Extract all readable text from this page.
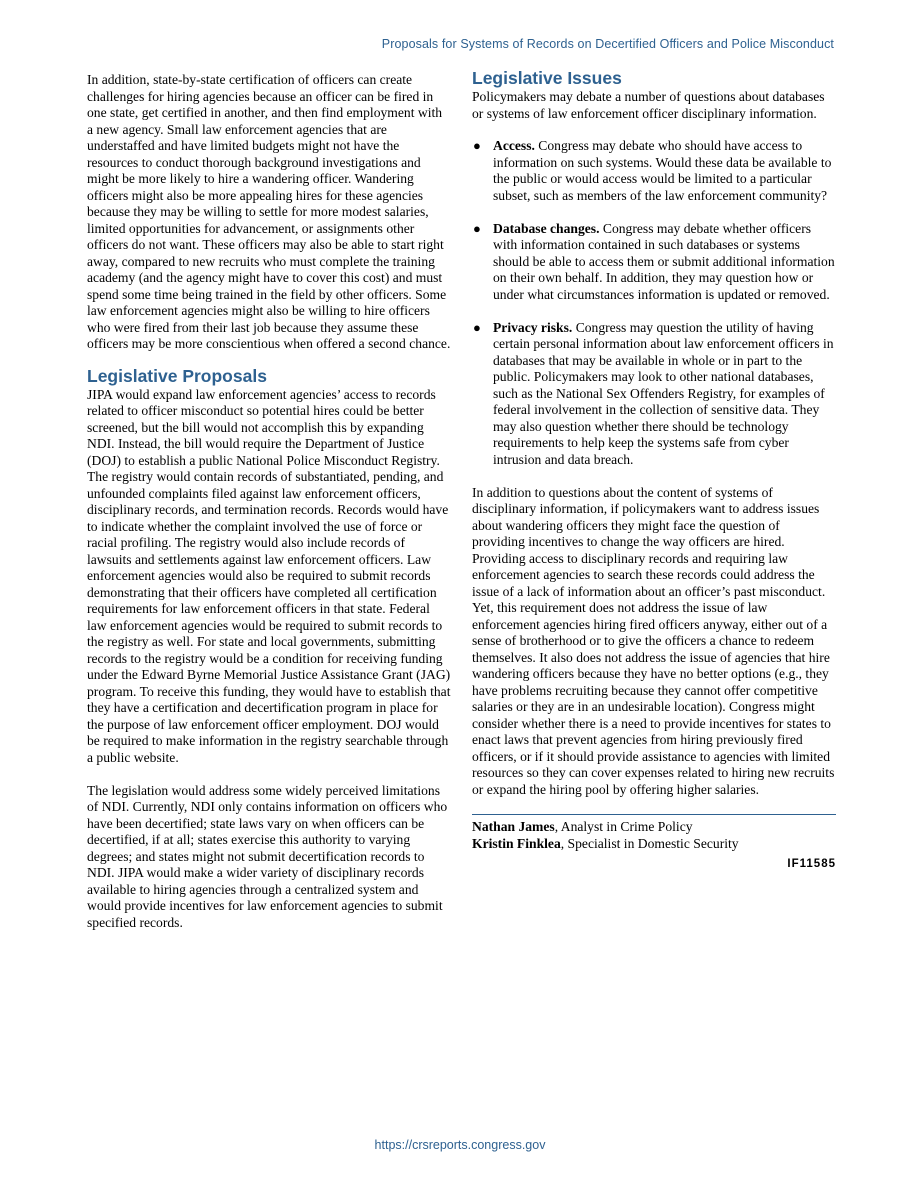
Proposals for Systems of Records on Decertified Officers and Police Misconduct

In addition, state-by-state certification of officers can create challenges for hiring agencies because an officer can be fired in one state, get certified in another, and then find employment with a new agency. Small law enforcement agencies that are understaffed and have limited budgets might not have the resources to conduct thorough background investigations and might be more likely to hire a wandering officer. Wandering officers might also be more appealing hires for these agencies because they may be willing to settle for more modest salaries, limited opportunities for advancement, or assignments other officers do not want. These officers may also be able to start right away, compared to new recruits who must complete the training academy (and the agency might have to cover this cost) and must spend some time being trained in the field by other officers. Some law enforcement agencies might also be willing to hire officers who were fired from their last job because they assume these officers may be more conscientious when offered a second chance.

Legislative Proposals

JIPA would expand law enforcement agencies’ access to records related to officer misconduct so potential hires could be better screened, but the bill would not accomplish this by expanding NDI. Instead, the bill would require the Department of Justice (DOJ) to establish a public National Police Misconduct Registry. The registry would contain records of substantiated, pending, and unfounded complaints filed against law enforcement officers, disciplinary records, and termination records. Records would have to indicate whether the complaint involved the use of force or racial profiling. The registry would also include records of lawsuits and settlements against law enforcement officers. Law enforcement agencies would also be required to submit records demonstrating that their officers have completed all certification requirements for law enforcement officers in that state. Federal law enforcement agencies would be required to submit records to the registry as well. For state and local governments, submitting records to the registry would be a condition for receiving funding under the Edward Byrne Memorial Justice Assistance Grant (JAG) program. To receive this funding, they would have to establish that they have a certification and decertification program in place for the purpose of law enforcement officer employment. DOJ would be required to make information in the registry searchable through a public website.

The legislation would address some widely perceived limitations of NDI. Currently, NDI only contains information on officers who have been decertified; state laws vary on when officers can be decertified, if at all; states exercise this authority to varying degrees; and states might not submit decertification records to NDI. JIPA would make a wider variety of disciplinary records available to hiring agencies through a centralized system and would provide incentives for law enforcement agencies to submit specified records.

Legislative Issues

Policymakers may debate a number of questions about databases or systems of law enforcement officer disciplinary information.

● Access. Congress may debate who should have access to information on such systems. Would these data be available to the public or would access would be limited to a particular subset, such as members of the law enforcement community?
● Database changes. Congress may debate whether officers with information contained in such databases or systems should be able to access them or submit additional information on their own behalf. In addition, they may question how or under what circumstances information is updated or removed.
● Privacy risks. Congress may question the utility of having certain personal information about law enforcement officers in databases that may be available in whole or in part to the public. Policymakers may look to other national databases, such as the National Sex Offenders Registry, for examples of federal involvement in the collection of sensitive data. They may also question whether there should be technology requirements to help keep the systems safe from cyber intrusion and data breach.

In addition to questions about the content of systems of disciplinary information, if policymakers want to address issues about wandering officers they might face the question of providing incentives to change the way officers are hired. Providing access to disciplinary records and requiring law enforcement agencies to search these records could address the issue of a lack of information about an officer’s past misconduct. Yet, this requirement does not address the issue of law enforcement agencies hiring fired officers anyway, either out of a sense of brotherhood or to give the officers a chance to redeem themselves. It also does not address the issue of agencies that hire wandering officers because they have no better options (e.g., they have problems recruiting because they cannot offer competitive salaries or they are in an undesirable location). Congress might consider whether there is a need to provide incentives for states to enact laws that prevent agencies from hiring previously fired officers, or if it should provide assistance to agencies with limited resources so they can cover expenses related to hiring new recruits or expand the hiring pool by offering higher salaries.

Nathan James, Analyst in Crime Policy

Kristin Finklea, Specialist in Domestic Security

IF11585
https://crsreports.congress.gov
